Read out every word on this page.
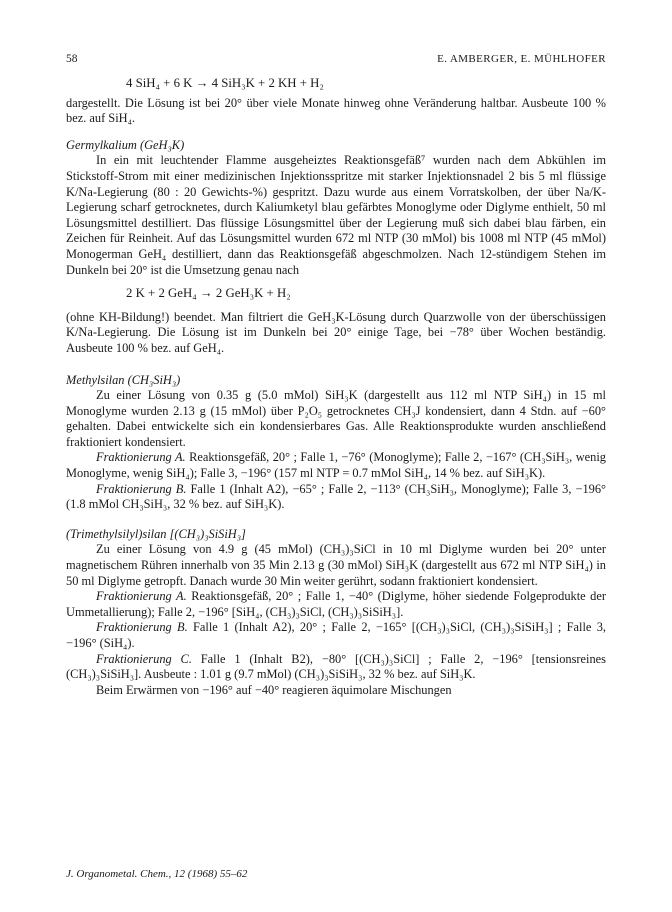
58	E. AMBERGER, E. MÜHLHOFER
4 SiH₄ + 6 K → 4 SiH₃K + 2 KH + H₂

dargestellt. Die Lösung ist bei 20° über viele Monate hinweg ohne Veränderung haltbar. Ausbeute 100 % bez. auf SiH₄.

Germylkalium (GeH₃K)

In ein mit leuchtender Flamme ausgeheiztes Reaktionsgefäß⁷ wurden nach dem Abkühlen im Stickstoff-Strom mit einer medizinischen Injektionsspritze mit starker Injektionsnadel 2 bis 5 ml flüssige K/Na-Legierung (80 : 20 Gewichts-%) gespritzt. Dazu wurde aus einem Vorratskolben, der über Na/K-Legierung scharf getrocknetes, durch Kaliumketyl blau gefärbtes Monoglyme oder Diglyme enthielt, 50 ml Lösungsmittel destilliert. Das flüssige Lösungsmittel über der Legierung muß sich dabei blau färben, ein Zeichen für Reinheit. Auf das Lösungsmittel wurden 672 ml NTP (30 mMol) bis 1008 ml NTP (45 mMol) Monogerman GeH₄ destilliert, dann das Reaktionsgefäß abgeschmolzen. Nach 12-stündigem Stehen im Dunkeln bei 20° ist die Umsetzung genau nach

2 K + 2 GeH₄ → 2 GeH₃K + H₂

(ohne KH-Bildung!) beendet. Man filtriert die GeH₃K-Lösung durch Quarzwolle von der überschüssigen K/Na-Legierung. Die Lösung ist im Dunkeln bei 20° einige Tage, bei −78° über Wochen beständig. Ausbeute 100 % bez. auf GeH₄.

Methylsilan (CH₃SiH₃)

Zu einer Lösung von 0.35 g (5.0 mMol) SiH₃K (dargestellt aus 112 ml NTP SiH₄) in 15 ml Monoglyme wurden 2.13 g (15 mMol) über P₂O₅ getrocknetes CH₃J kondensiert, dann 4 Stdn. auf −60° gehalten. Dabei entwickelte sich ein kondensierbares Gas. Alle Reaktionsprodukte wurden anschließend fraktioniert kondensiert.

Fraktionierung A. Reaktionsgefäß, 20° ; Falle 1, −76° (Monoglyme); Falle 2, −167° (CH₃SiH₃, wenig Monoglyme, wenig SiH₄); Falle 3, −196° (157 ml NTP = 0.7 mMol SiH₄, 14 % bez. auf SiH₃K).

Fraktionierung B. Falle 1 (Inhalt A2), −65° ; Falle 2, −113° (CH₃SiH₃, Monoglyme); Falle 3, −196° (1.8 mMol CH₃SiH₃, 32 % bez. auf SiH₃K).

(Trimethylsilyl)silan [(CH₃)₃SiSiH₃]

Zu einer Lösung von 4.9 g (45 mMol) (CH₃)₃SiCl in 10 ml Diglyme wurden bei 20° unter magnetischem Rühren innerhalb von 35 Min 2.13 g (30 mMol) SiH₃K (dargestellt aus 672 ml NTP SiH₄) in 50 ml Diglyme getropft. Danach wurde 30 Min weiter gerührt, sodann fraktioniert kondensiert.

Fraktionierung A. Reaktionsgefäß, 20° ; Falle 1, −40° (Diglyme, höher siedende Folgeprodukte der Ummetallierung); Falle 2, −196° [SiH₄, (CH₃)₃SiCl, (CH₃)₃SiSiH₃].

Fraktionierung B. Falle 1 (Inhalt A2), 20° ; Falle 2, −165° [(CH₃)₃SiCl, (CH₃)₃SiSiH₃] ; Falle 3, −196° (SiH₄).

Fraktionierung C. Falle 1 (Inhalt B2), −80° [(CH₃)₃SiCl] ; Falle 2, −196° [tensionsreines (CH₃)₃SiSiH₃]. Ausbeute : 1.01 g (9.7 mMol) (CH₃)₃SiSiH₃, 32 % bez. auf SiH₃K.

Beim Erwärmen von −196° auf −40° reagieren äquimolare Mischungen

J. Organometal. Chem., 12 (1968) 55–62
